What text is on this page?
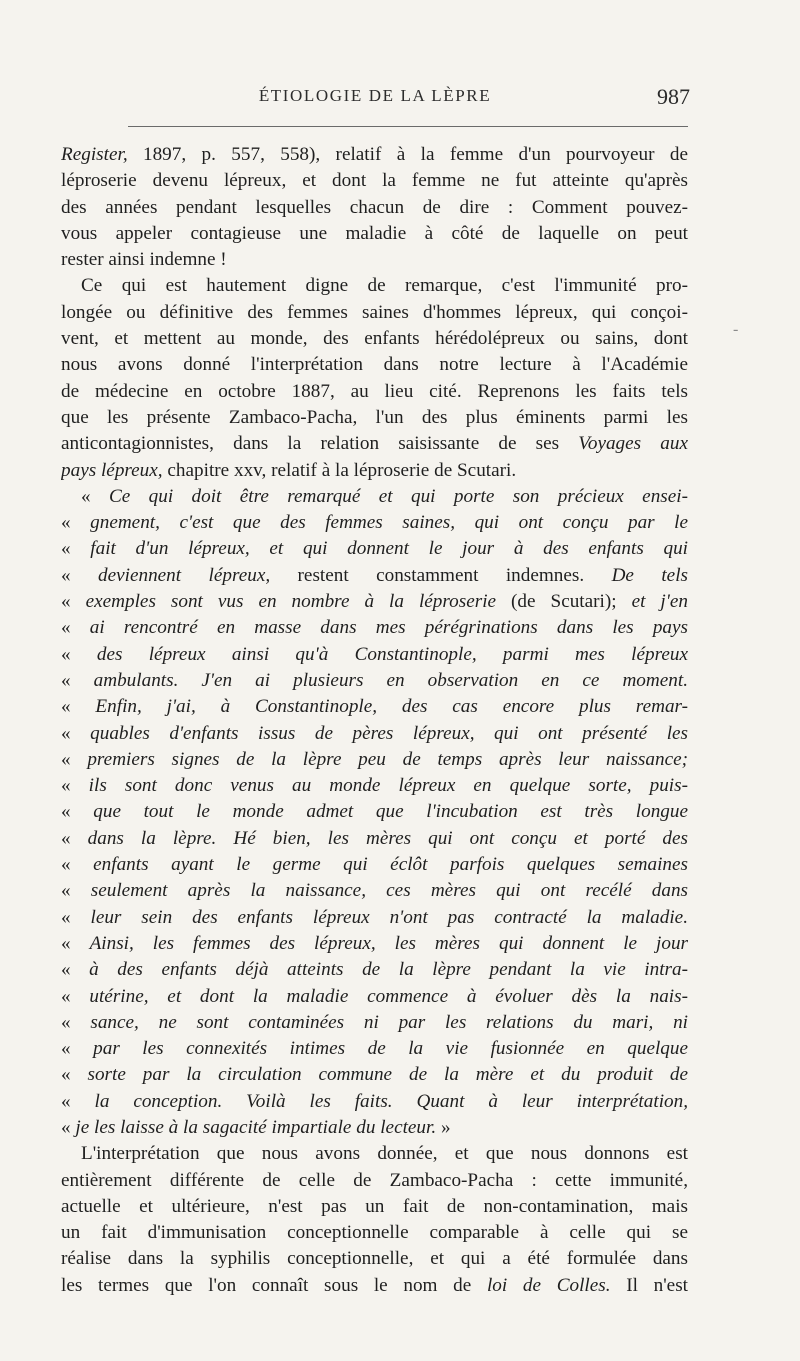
ÉTIOLOGIE DE LA LÈPRE	987
-
Register, 1897, p. 557, 558), relatif à la femme d'un pourvoyeur de
léproserie devenu lépreux, et dont la femme ne fut atteinte qu'après
des années pendant lesquelles chacun de dire : Comment pouvez-
vous appeler contagieuse une maladie à côté de laquelle on peut
rester ainsi indemne !
Ce qui est hautement digne de remarque, c'est l'immunité pro-
longée ou définitive des femmes saines d'hommes lépreux, qui conçoi-
vent, et mettent au monde, des enfants hérédolépreux ou sains, dont
nous avons donné l'interprétation dans notre lecture à l'Académie
de médecine en octobre 1887, au lieu cité. Reprenons les faits tels
que les présente Zambaco-Pacha, l'un des plus éminents parmi les
anticontagionnistes, dans la relation saisissante de ses Voyages aux
pays lépreux, chapitre xxv, relatif à la léproserie de Scutari.
« Ce qui doit être remarqué et qui porte son précieux ensei-
« gnement, c'est que des femmes saines, qui ont conçu par le
« fait d'un lépreux, et qui donnent le jour à des enfants qui
« deviennent lépreux, restent constamment indemnes. De tels
« exemples sont vus en nombre à la léproserie (de Scutari); et j'en
« ai rencontré en masse dans mes pérégrinations dans les pays
« des lépreux ainsi qu'à Constantinople, parmi mes lépreux
« ambulants. J'en ai plusieurs en observation en ce moment.
« Enfin, j'ai, à Constantinople, des cas encore plus remar-
« quables d'enfants issus de pères lépreux, qui ont présenté les
« premiers signes de la lèpre peu de temps après leur naissance;
« ils sont donc venus au monde lépreux en quelque sorte, puis-
« que tout le monde admet que l'incubation est très longue
« dans la lèpre. Hé bien, les mères qui ont conçu et porté des
« enfants ayant le germe qui éclôt parfois quelques semaines
« seulement après la naissance, ces mères qui ont recélé dans
« leur sein des enfants lépreux n'ont pas contracté la maladie.
« Ainsi, les femmes des lépreux, les mères qui donnent le jour
« à des enfants déjà atteints de la lèpre pendant la vie intra-
« utérine, et dont la maladie commence à évoluer dès la nais-
« sance, ne sont contaminées ni par les relations du mari, ni
« par les connexités intimes de la vie fusionnée en quelque
« sorte par la circulation commune de la mère et du produit de
« la conception. Voilà les faits. Quant à leur interprétation,
« je les laisse à la sagacité impartiale du lecteur. »
L'interprétation que nous avons donnée, et que nous donnons est
entièrement différente de celle de Zambaco-Pacha : cette immunité,
actuelle et ultérieure, n'est pas un fait de non-contamination, mais
un fait d'immunisation conceptionnelle comparable à celle qui se
réalise dans la syphilis conceptionnelle, et qui a été formulée dans
les termes que l'on connaît sous le nom de loi de Colles. Il n'est
